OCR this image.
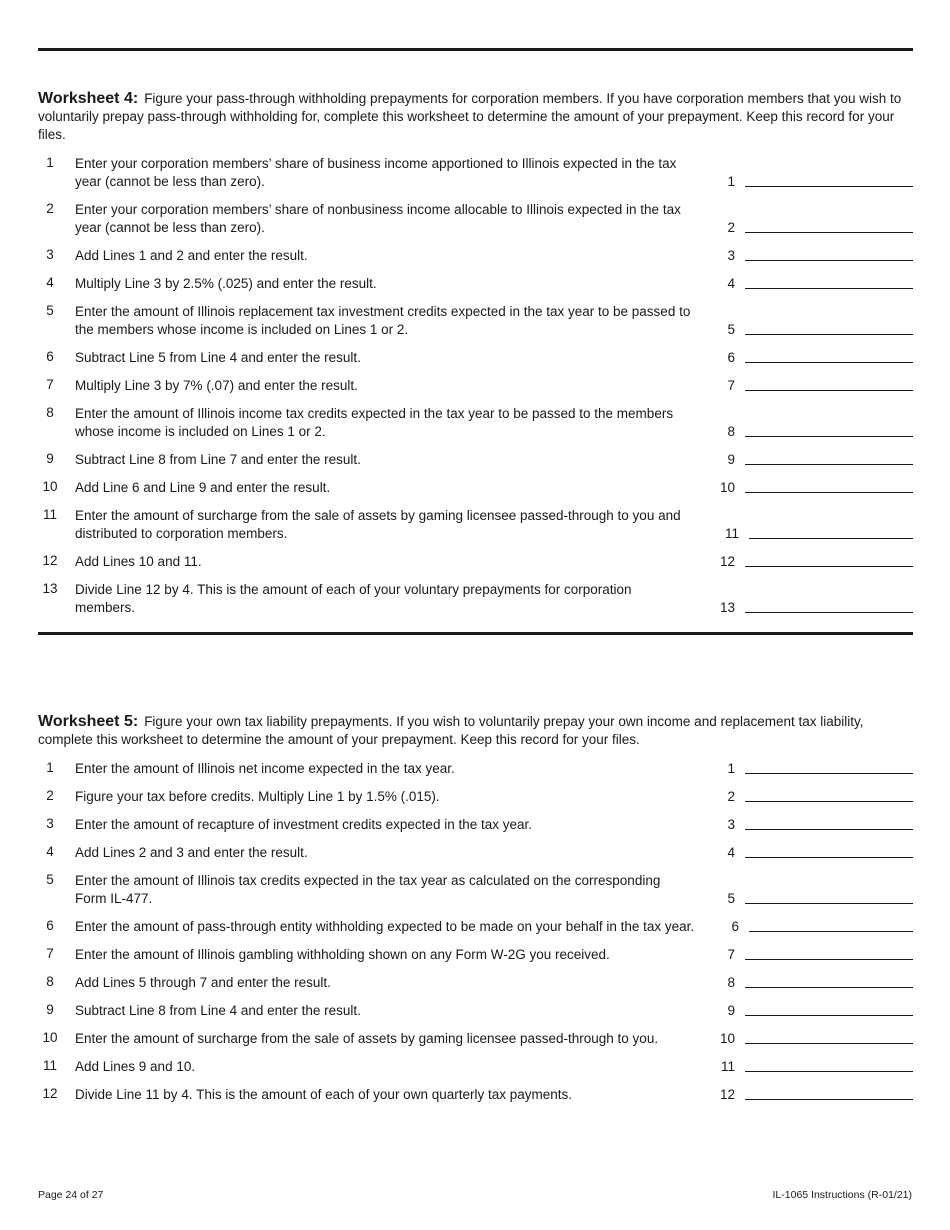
Worksheet 4: Figure your pass-through withholding prepayments for corporation members. If you have corporation members that you wish to voluntarily prepay pass-through withholding for, complete this worksheet to determine the amount of your prepayment. Keep this record for your files.

1	Enter your corporation members’ share of business income apportioned to Illinois expected in the tax year (cannot be less than zero).	1
2	Enter your corporation members’ share of nonbusiness income allocable to Illinois expected in the tax year (cannot be less than zero).	2
3	Add Lines 1 and 2 and enter the result.	3
4	Multiply Line 3 by 2.5% (.025) and enter the result.	4
5	Enter the amount of Illinois replacement tax investment credits expected in the tax year to be passed to the members whose income is included on Lines 1 or 2.	5
6	Subtract Line 5 from Line 4 and enter the result.	6
7	Multiply Line 3 by 7% (.07) and enter the result.	7
8	Enter the amount of Illinois income tax credits expected in the tax year to be passed to the members whose income is included on Lines 1 or 2.	8
9	Subtract Line 8 from Line 7 and enter the result.	9
10	Add Line 6 and Line 9 and enter the result.	10
11	Enter the amount of surcharge from the sale of assets by gaming licensee passed-through to you and distributed to corporation members.	11
12	Add Lines 10 and 11.	12
13	Divide Line 12 by 4. This is the amount of each of your voluntary prepayments for corporation members.	13

Worksheet 5: Figure your own tax liability prepayments. If you wish to voluntarily prepay your own income and replacement tax liability, complete this worksheet to determine the amount of your prepayment. Keep this record for your files.

1	Enter the amount of Illinois net income expected in the tax year.	1
2	Figure your tax before credits. Multiply Line 1 by 1.5% (.015).	2
3	Enter the amount of recapture of investment credits expected in the tax year.	3
4	Add Lines 2 and 3 and enter the result.	4
5	Enter the amount of Illinois tax credits expected in the tax year as calculated on the corresponding Form IL-477.	5
6	Enter the amount of pass-through entity withholding expected to be made on your behalf in the tax year.	6
7	Enter the amount of Illinois gambling withholding shown on any Form W-2G you received.	7
8	Add Lines 5 through 7 and enter the result.	8
9	Subtract Line 8 from Line 4 and enter the result.	9
10	Enter the amount of surcharge from the sale of assets by gaming licensee passed-through to you.	10
11	Add Lines 9 and 10.	11
12	Divide Line 11 by 4. This is the amount of each of your own quarterly tax payments.	12
Page 24 of 27	IL-1065 Instructions (R-01/21)
